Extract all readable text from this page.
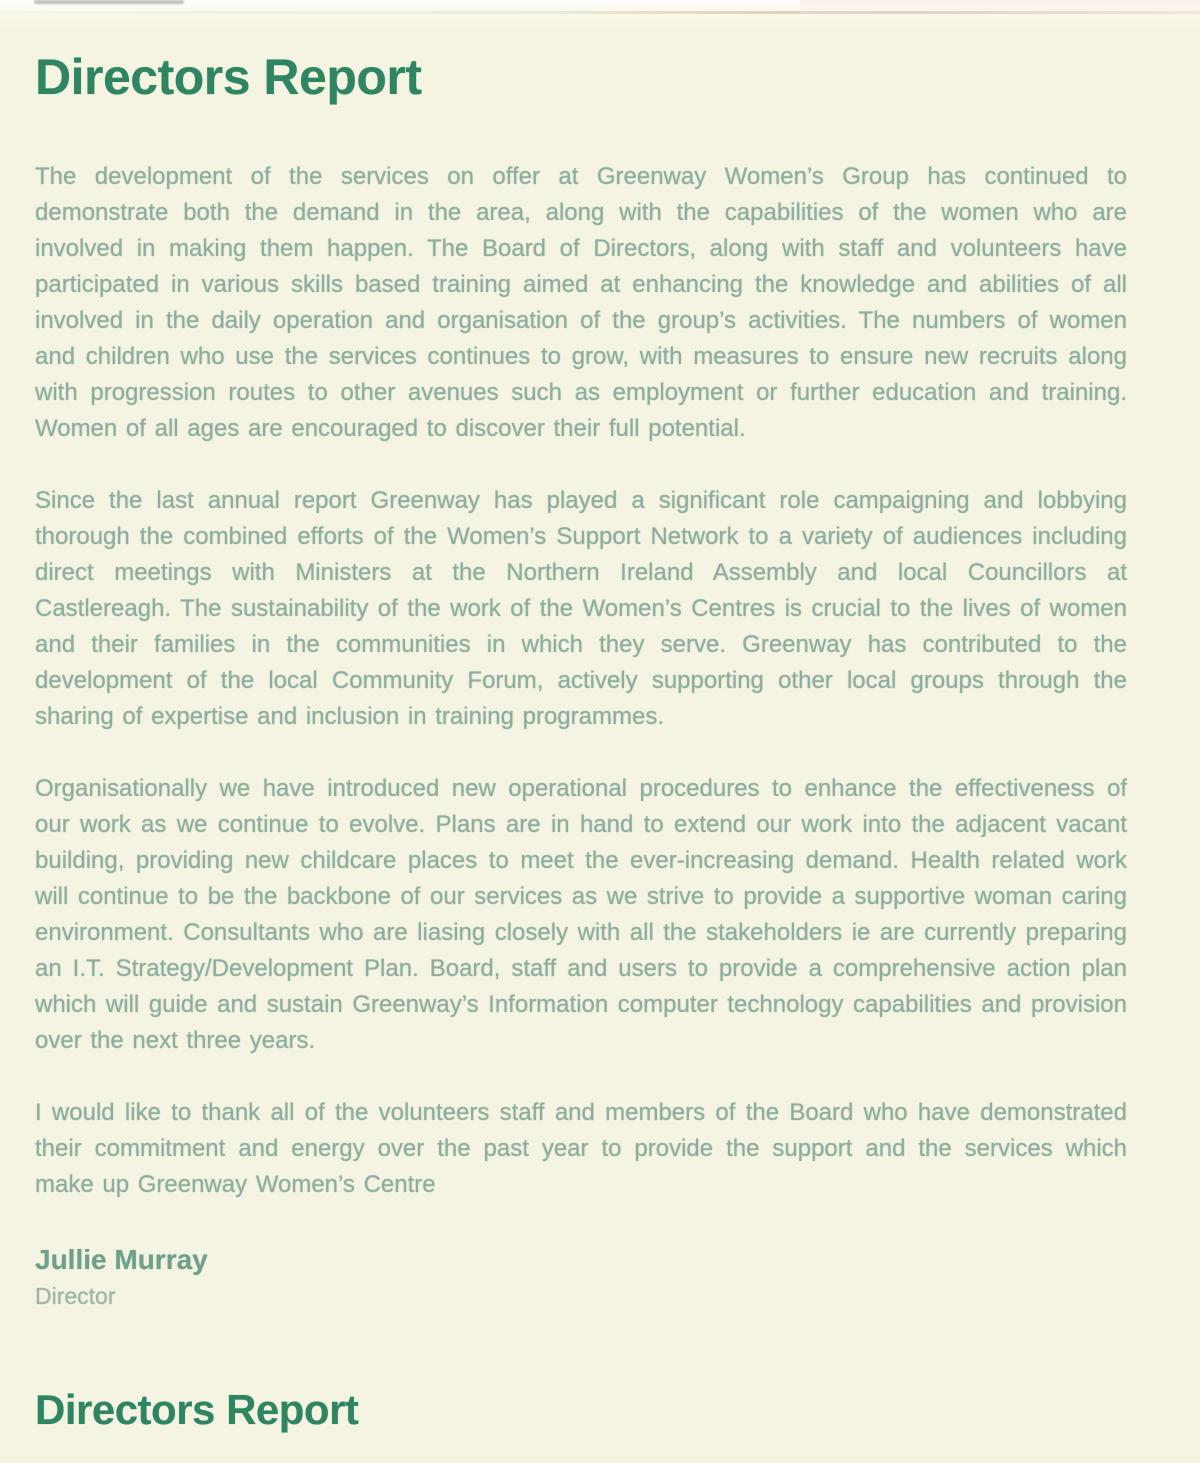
Directors Report

The development of the services on offer at Greenway Women’s Group has continued to demonstrate both the demand in the area, along with the capabilities of the women who are involved in making them happen. The Board of Directors, along with staff and volunteers have participated in various skills based training aimed at enhancing the knowledge and abilities of all involved in the daily operation and organisation of the group’s activities. The numbers of women and children who use the services continues to grow, with measures to ensure new recruits along with progression routes to other avenues such as employment or further education and training. Women of all ages are encouraged to discover their full potential.

Since the last annual report Greenway has played a significant role campaigning and lobbying thorough the combined efforts of the Women’s Support Network to a variety of audiences including direct meetings with Ministers at the Northern Ireland Assembly and local Councillors at Castlereagh. The sustainability of the work of the Women’s Centres is crucial to the lives of women and their families in the communities in which they serve. Greenway has contributed to the development of the local Community Forum, actively supporting other local groups through the sharing of expertise and inclusion in training programmes.

Organisationally we have introduced new operational procedures to enhance the effectiveness of our work as we continue to evolve. Plans are in hand to extend our work into the adjacent vacant building, providing new childcare places to meet the ever-increasing demand. Health related work will continue to be the backbone of our services as we strive to provide a supportive woman caring environment. Consultants who are liasing closely with all the stakeholders ie are currently preparing an I.T. Strategy/Development Plan. Board, staff and users to provide a comprehensive action plan which will guide and sustain Greenway’s Information computer technology capabilities and provision over the next three years.

I would like to thank all of the volunteers staff and members of the Board who have demonstrated their commitment and energy over the past year to provide the support and the services which make up Greenway Women’s Centre

Jullie Murray
Director
Directors Report
